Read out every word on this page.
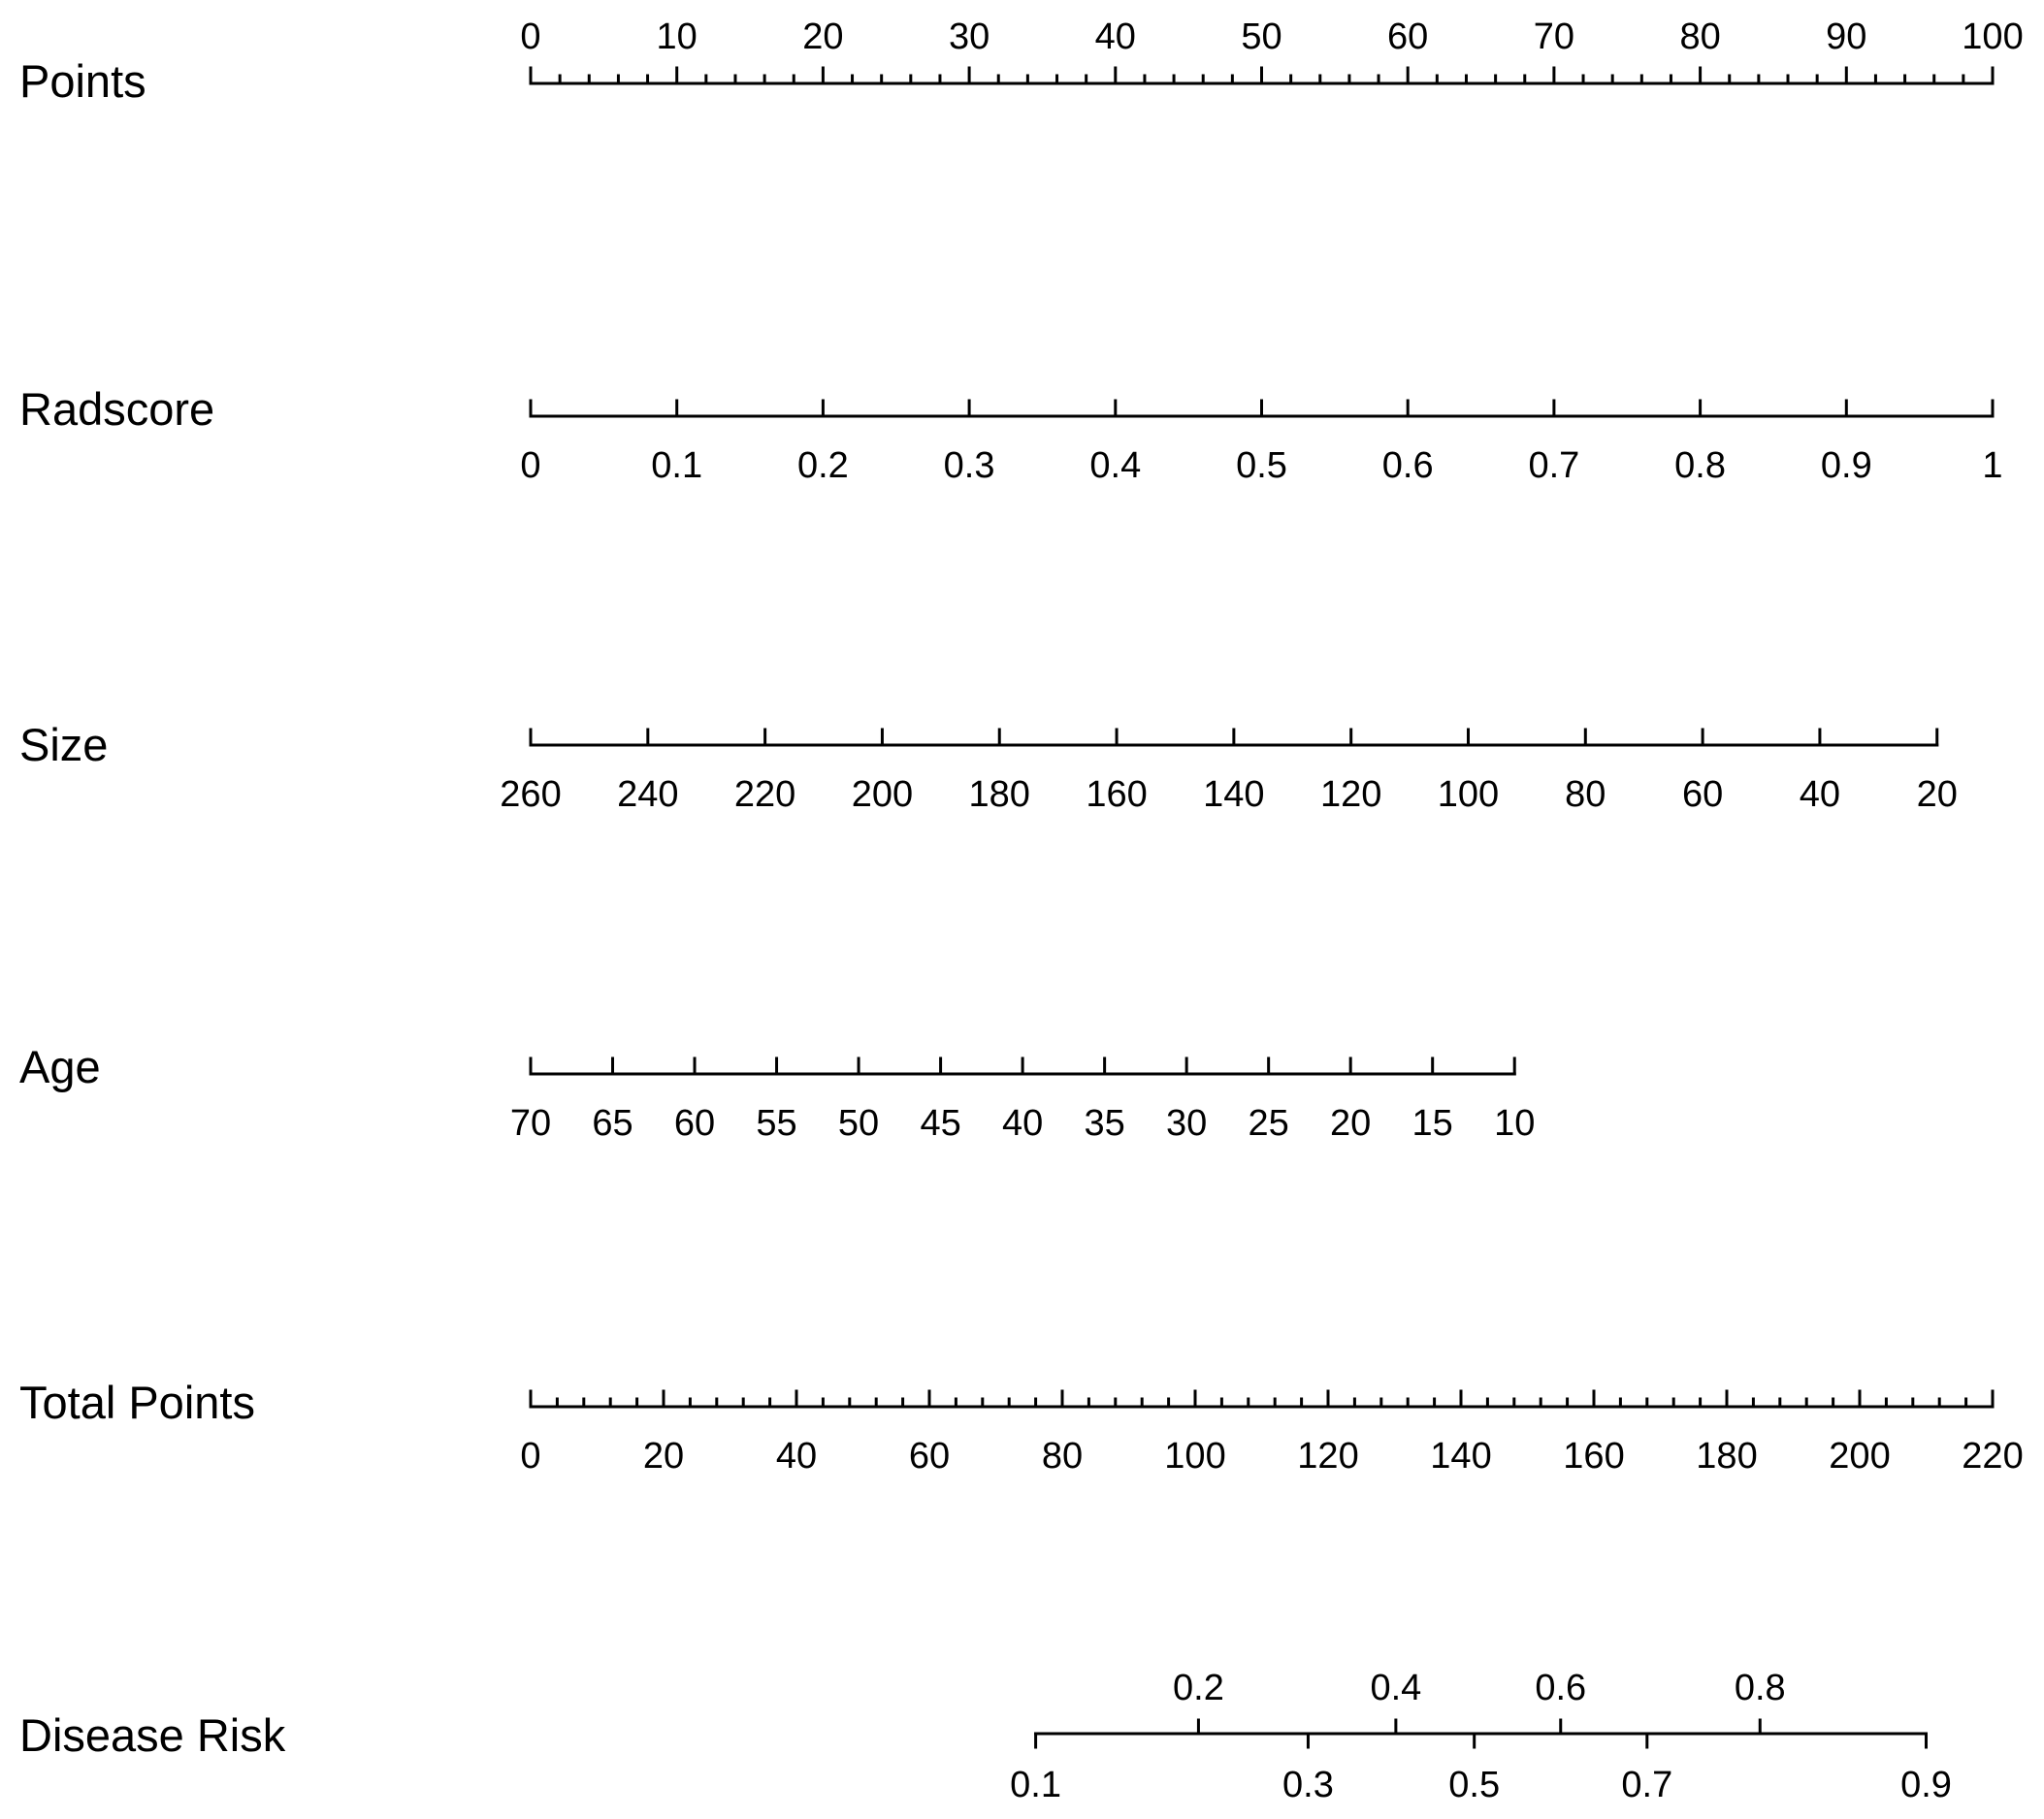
Points
0	10	20	30	40	50	60	70	80	90	100
Radscore
0	0.1	0.2	0.3	0.4	0.5	0.6	0.7	0.8	0.9	1
Size
260 240 220 200 180 160 140 120 100 80 60 40 20
Age
70 65 60 55 50 45 40 35 30 25 20 15 10
Total Points
0	20 40 60 80 100 120 140 160 180 200 220
Disease Risk
0.1
0.2
0.3
0.4
0.5
0.6
0.7
0.8
0.9
